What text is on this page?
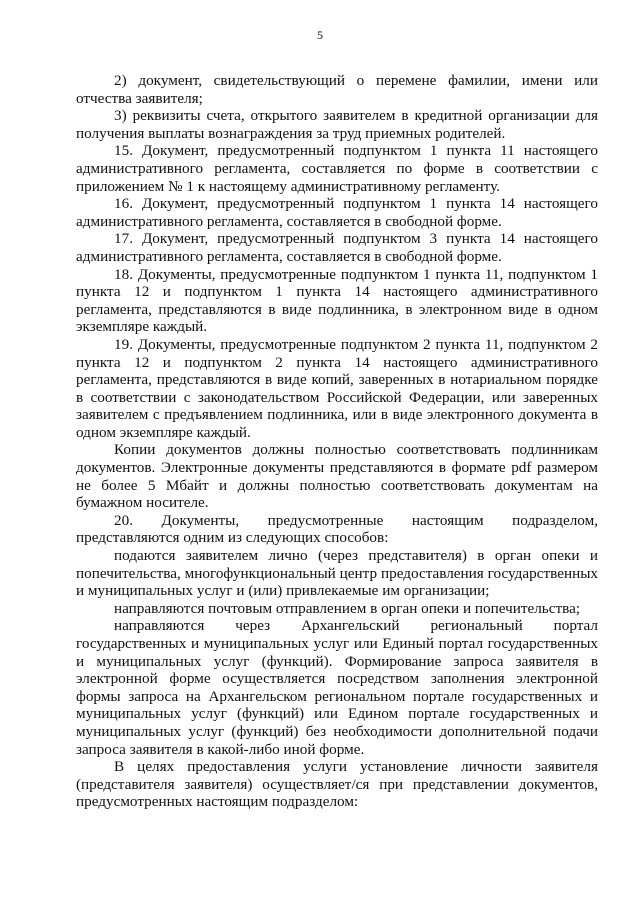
5

2) документ, свидетельствующий о перемене фамилии, имени или отчества заявителя;

3) реквизиты счета, открытого заявителем в кредитной организации для получения выплаты вознаграждения за труд приемных родителей.

15. Документ, предусмотренный подпунктом 1 пункта 11 настоящего административного регламента, составляется по форме в соответствии с приложением № 1 к настоящему административному регламенту.

16. Документ, предусмотренный подпунктом 1 пункта 14 настоящего административного регламента, составляется в свободной форме.

17. Документ, предусмотренный подпунктом 3 пункта 14 настоящего административного регламента, составляется в свободной форме.

18. Документы, предусмотренные подпунктом 1 пункта 11, подпунктом 1 пункта 12 и подпунктом 1 пункта 14 настоящего административного регламента, представляются в виде подлинника, в электронном виде в одном экземпляре каждый.

19. Документы, предусмотренные подпунктом 2 пункта 11, подпунктом 2 пункта 12 и подпунктом 2 пункта 14 настоящего административного регламента, представляются в виде копий, заверенных в нотариальном порядке в соответствии с законодательством Российской Федерации, или заверенных заявителем с предъявлением подлинника, или в виде электронного документа в одном экземпляре каждый.

Копии документов должны полностью соответствовать подлинникам документов. Электронные документы представляются в формате pdf размером не более 5 Мбайт и должны полностью соответствовать документам на бумажном носителе.

20. Документы, предусмотренные настоящим подразделом, представляются одним из следующих способов:

подаются заявителем лично (через представителя) в орган опеки и попечительства, многофункциональный центр предоставления государственных и муниципальных услуг и (или) привлекаемые им организации;

направляются почтовым отправлением в орган опеки и попечительства;

направляются через Архангельский региональный портал государственных и муниципальных услуг или Единый портал государственных и муниципальных услуг (функций). Формирование запроса заявителя в электронной форме осуществляется посредством заполнения электронной формы запроса на Архангельском региональном портале государственных и муниципальных услуг (функций) или Едином портале государственных и муниципальных услуг (функций) без необходимости дополнительной подачи запроса заявителя в какой-либо иной форме.

В целях предоставления услуги установление личности заявителя (представителя заявителя) осуществляет/ся при представлении документов, предусмотренных настоящим подразделом:
